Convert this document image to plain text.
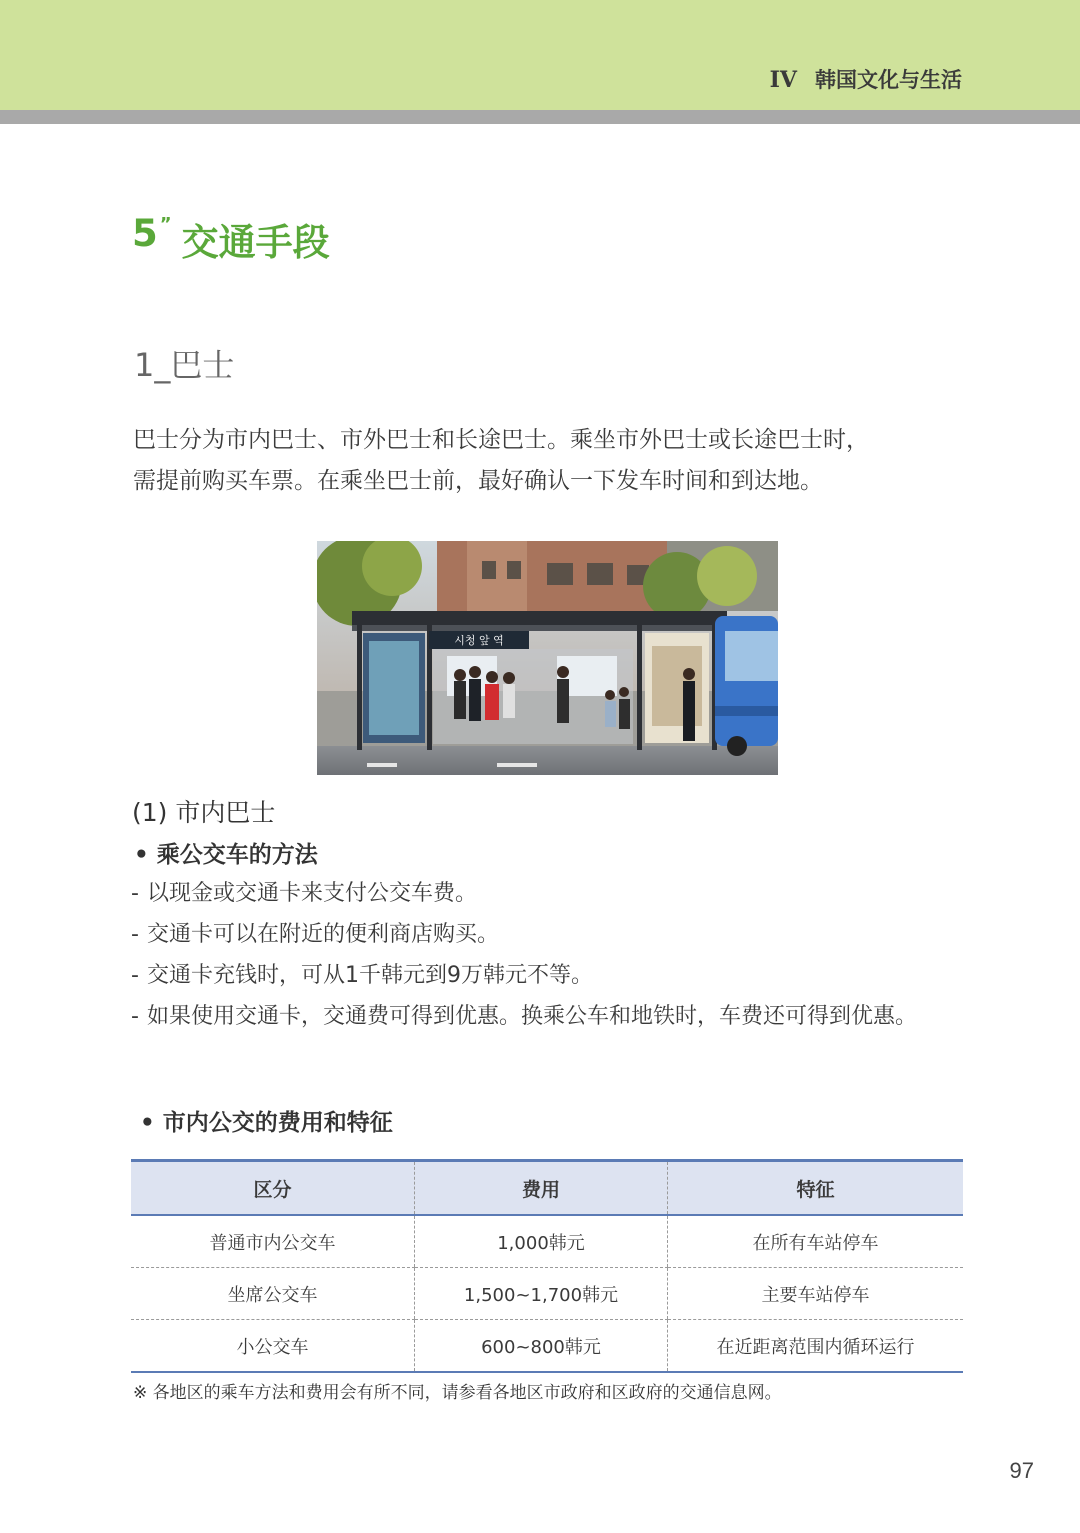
IV 韩国文化与生活
5 ” 交通手段
1_巴士

巴士分为市内巴士、市外巴士和长途巴士。乘坐市外巴士或长途巴士时，

需提前购买车票。在乘坐巴士前，最好确认一下发车时间和到达地。

시청 앞 역
(1) 市内巴士
• 乘公交车的方法
- 以现金或交通卡来支付公交车费。
- 交通卡可以在附近的便利商店购买。
- 交通卡充钱时，可从1千韩元到9万韩元不等。
- 如果使用交通卡，交通费可得到优惠。换乘公车和地铁时，车费还可得到优惠。
• 市内公交的费用和特征
区分	费用	特征
普通市内公交车	1,000韩元	在所有车站停车
坐席公交车	1,500~1,700韩元	主要车站停车
小公交车	600~800韩元	在近距离范围内循环运行
※ 各地区的乘车方法和费用会有所不同，请参看各地区市政府和区政府的交通信息网。
97
